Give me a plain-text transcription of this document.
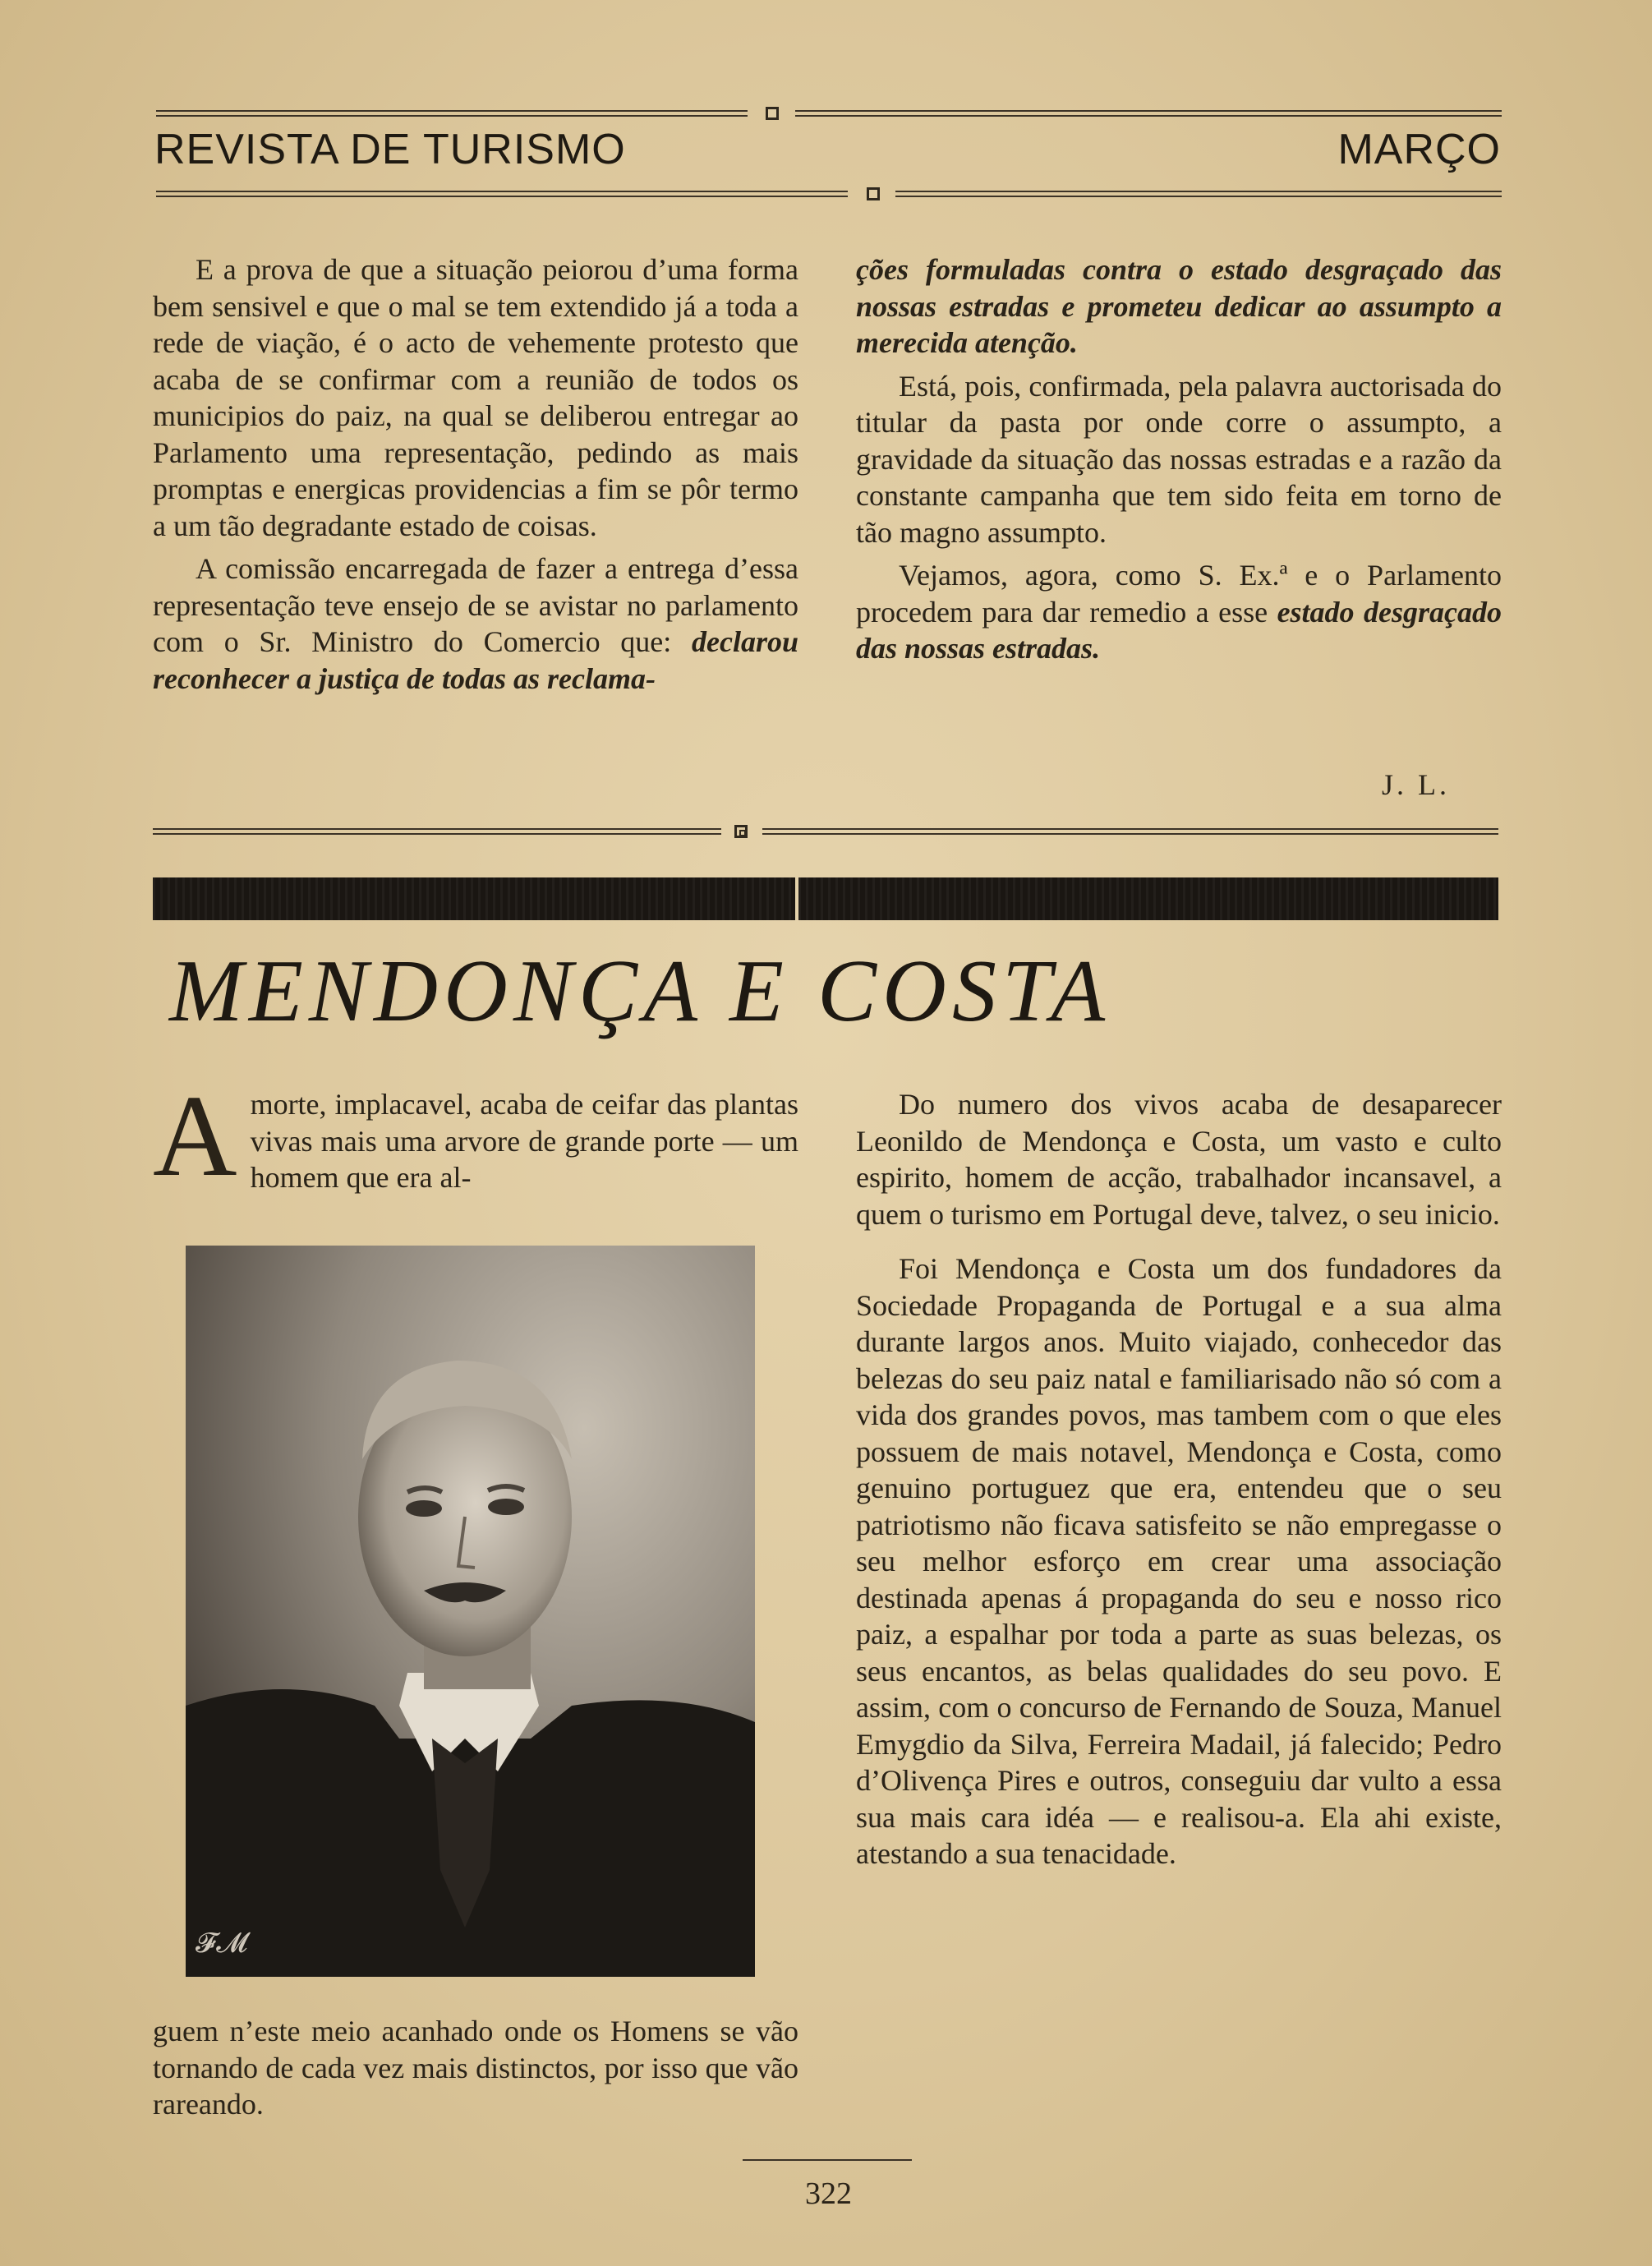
REVISTA DE TURISMO	MARÇO

E a prova de que a situação peiorou d’uma forma bem sensivel e que o mal se tem extendido já a toda a rede de viação, é o acto de vehemente protesto que acaba de se confirmar com a reunião de todos os municipios do paiz, na qual se deliberou entregar ao Parlamento uma representação, pedindo as mais promptas e energicas providencias a fim se pôr termo a um tão degradante estado de coisas.

A comissão encarregada de fazer a entrega d’essa representação teve ensejo de se avistar no parlamento com o Sr. Ministro do Comercio que: declarou reconhecer a justiça de todas as reclama-

ções formuladas contra o estado desgraçado das nossas estradas e prometeu dedicar ao assumpto a merecida atenção.

Está, pois, confirmada, pela palavra auctorisada do titular da pasta por onde corre o assumpto, a gravidade da situação das nossas estradas e a razão da constante campanha que tem sido feita em torno de tão magno assumpto.

Vejamos, agora, como S. Ex.ª e o Parlamento procedem para dar remedio a esse estado desgraçado das nossas estradas.

J. L.
MENDONÇA E COSTA

Amorte, implacavel, acaba de ceifar das plantas vivas mais uma arvore de grande porte — um homem que era al-

𝓕𝓜

guem n’este meio acanhado onde os Homens se vão tornando de cada vez mais distinctos, por isso que vão rareando.

Do numero dos vivos acaba de desaparecer Leonildo de Mendonça e Costa, um vasto e culto espirito, homem de acção, trabalhador incansavel, a quem o turismo em Portugal deve, talvez, o seu inicio.

Foi Mendonça e Costa um dos fundadores da Sociedade Propaganda de Portugal e a sua alma durante largos anos. Muito viajado, conhecedor das belezas do seu paiz natal e familiarisado não só com a vida dos grandes povos, mas tambem com o que eles possuem de mais notavel, Mendonça e Costa, como genuino portuguez que era, entendeu que o seu patriotismo não ficava satisfeito se não empregasse o seu melhor esforço em crear uma associação destinada apenas á propaganda do seu e nosso rico paiz, a espalhar por toda a parte as suas belezas, os seus encantos, as belas qualidades do seu povo. E assim, com o concurso de Fernando de Souza, Manuel Emygdio da Silva, Ferreira Madail, já falecido; Pedro d’Olivença Pires e outros, conseguiu dar vulto a essa sua mais cara idéa — e realisou-a. Ela ahi existe, atestando a sua tenacidade.

322
